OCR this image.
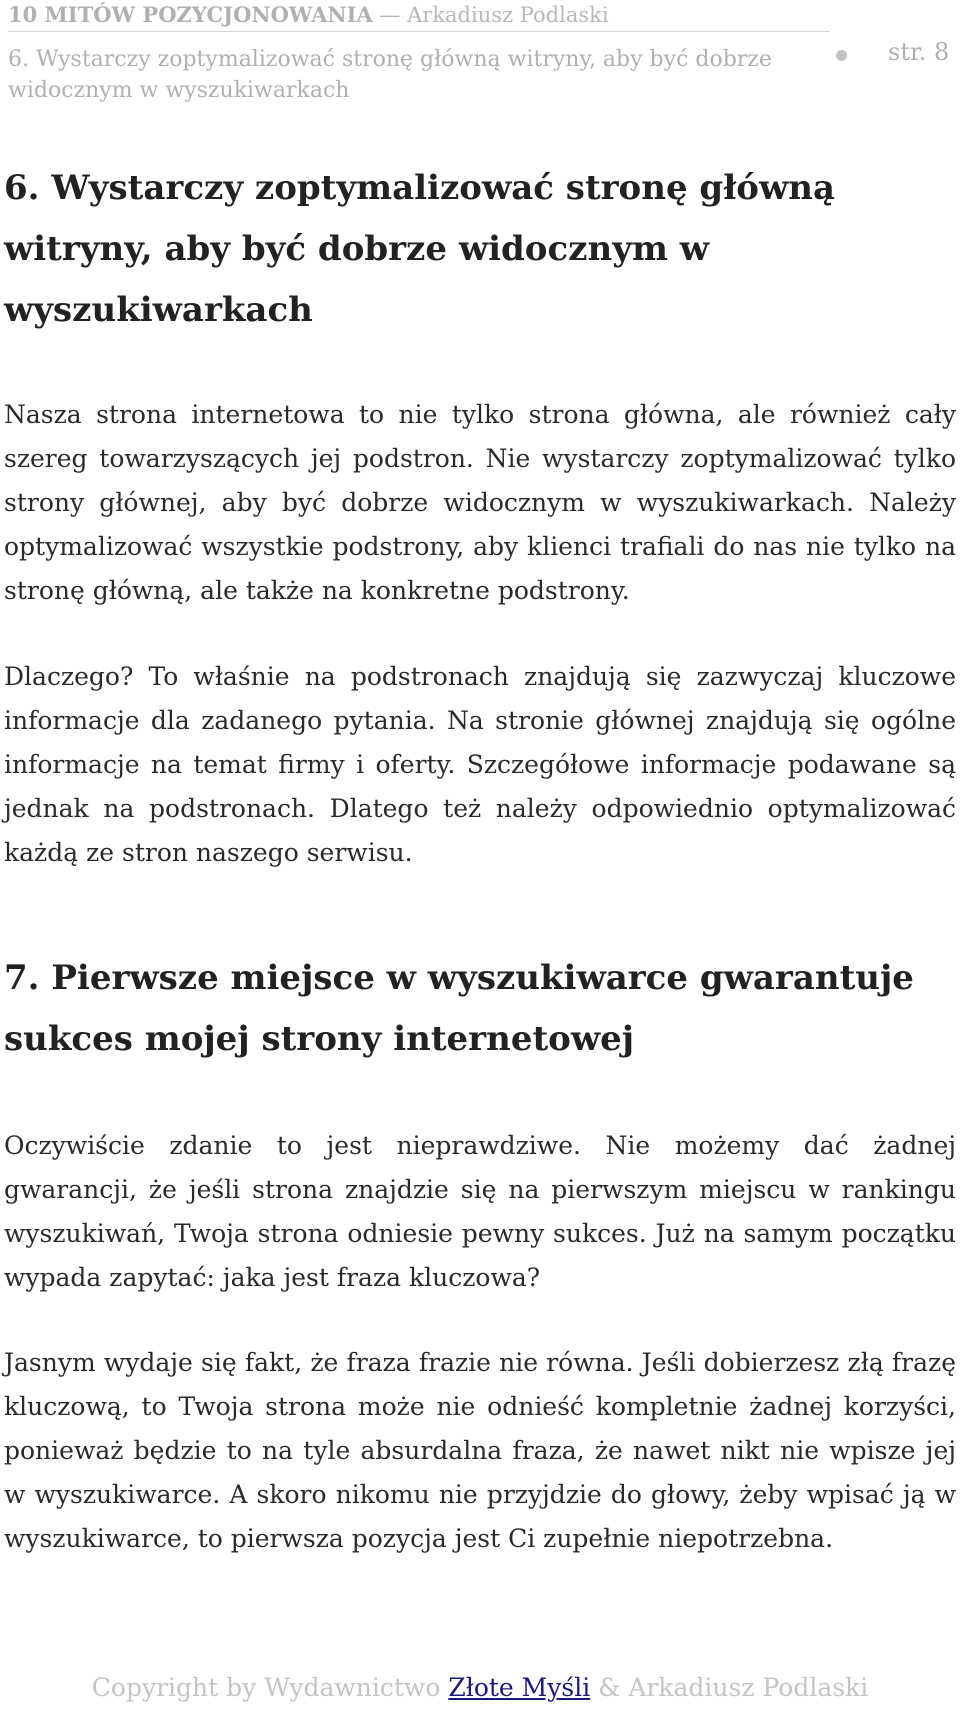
10 MITÓW POZYCJONOWANIA — Arkadiusz Podlaski
6. Wystarczy zoptymalizować stronę główną witryny, aby być dobrze widocznym w wyszukiwarkach
str. 8
6. Wystarczy zoptymalizować stronę główną witryny, aby być dobrze widocznym w wyszukiwarkach

Nasza strona internetowa to nie tylko strona główna, ale również cały szereg towarzyszących jej podstron. Nie wystarczy zoptymalizować tylko strony głównej, aby być dobrze widocznym w wyszukiwarkach. Należy optymalizować wszystkie podstrony, aby klienci trafiali do nas nie tylko na stronę główną, ale także na konkretne podstrony.

Dlaczego? To właśnie na podstronach znajdują się zazwyczaj kluczowe informacje dla zadanego pytania. Na stronie głównej znajdują się ogólne informacje na temat firmy i oferty. Szczegółowe informacje podawane są jednak na podstronach. Dlatego też należy odpowiednio optymalizować każdą ze stron naszego serwisu.

7. Pierwsze miejsce w wyszukiwarce gwarantuje sukces mojej strony internetowej

Oczywiście zdanie to jest nieprawdziwe. Nie możemy dać żadnej gwarancji, że jeśli strona znajdzie się na pierwszym miejscu w rankingu wyszukiwań, Twoja strona odniesie pewny sukces. Już na samym początku wypada zapytać: jaka jest fraza kluczowa?

Jasnym wydaje się fakt, że fraza frazie nie równa. Jeśli dobierzesz złą frazę kluczową, to Twoja strona może nie odnieść kompletnie żadnej korzyści, ponieważ będzie to na tyle absurdalna fraza, że nawet nikt nie wpisze jej w wyszukiwarce. A skoro nikomu nie przyjdzie do głowy, żeby wpisać ją w wyszukiwarce, to pierwsza pozycja jest Ci zupełnie niepotrzebna.

Copyright by Wydawnictwo Złote Myśli & Arkadiusz Podlaski
